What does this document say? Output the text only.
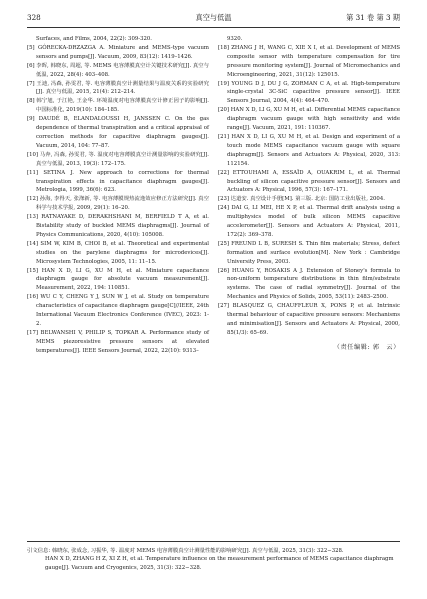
328	真空与低温	第 31 卷 第 3 期

Surfaces, and Films, 2004, 22(2): 309-320.

[5] GÓRECKA-DRZAZGA A. Miniature and MEMS-type vacuum sensors and pumps[J]. Vacuum, 2009, 83(12): 1419–1426.

[6] 李晖, 韩晓东, 周超, 等. MEMS 电容薄膜真空计关键技术研究[J]. 真空与低温, 2022, 28(4): 403–408.

[7] 王迪, 冯森, 孙雯君, 等. 电容薄膜真空计测量结果与温度关系的实验研究[J]. 真空与低温, 2015, 21(4): 212–214.

[8] 韩宁旭, 于江艳, 王金华. 环境温度对电容薄膜真空计修正因子的影响[J]. 中国标准化, 2019(10): 184–185.

[9] DAUDÉ B, ELANDALOUSSI H, JANSSEN C. On the gas dependence of thermal transpiration and a critical appraisal of correction methods for capacitive diaphragm gauges[J]. Vacuum, 2014, 104: 77–87.

[10] 马奔, 冯森, 孙雯君, 等. 温度对电容薄膜真空计测量影响的实验研究[J]. 真空与低温, 2013, 19(3): 172–175.

[11] SETINA J. New approach to corrections for thermal transpiration effects in capacitance diaphragm gauges[J]. Metrologia, 1999, 36(6): 623.

[12] 孙海, 李得天, 张涤新, 等. 电容薄膜规热流逸效应修正方法研究[J]. 真空科学与技术学报, 2009, 29(1): 16–20.

[13] RATNAYAKE D, DERAKHSHANI M, BERFIELD T A, et al. Bistability study of buckled MEMS diaphragms[J]. Journal of Physics Communications, 2020, 4(10): 105008.

[14] SIM W, KIM B, CHOI B, et al. Theoretical and experimental studies on the parylene diaphragms for microdevices[J]. Microsystem Technologies, 2005, 11: 11–15.

[15] HAN X D, LI G, XU M H, et al. Miniature capacitance diaphragm gauge for absolute vacuum measurement[J]. Measurement, 2022, 194: 110851.

[16] WU C Y, CHENG Y J, SUN W J, et al. Study on temperature characteristics of capacitance diaphragm gauge[C]//IEEE, 24th International Vacuum Electronics Conference (IVEC), 2023: 1-2.

[17] BELWANSHI V, PHILIP S, TOPKAR A. Performance study of MEMS piezoresistive pressure sensors at elevated temperatures[J]. IEEE Sensors Journal, 2022, 22(10): 9313–

9320.

[18] ZHANG J H, WANG C, XIE X I, et al. Development of MEMS composite sensor with temperature compensation for tire pressure monitoring system[J]. Journal of Micromechanics and Microengineering, 2021, 31(12): 125015.

[19] YOUNG D J, DU J G, ZORMAN C A, et al. High-temperature single-crystal 3C-SiC capacitive pressure sensor[J]. IEEE Sensors Journal, 2004, 4(4): 464–470.

[20] HAN X D, LI G, XU M H, et al. Differential MEMS capacitance diaphragm vacuum gauge with high sensitivity and wide range[J]. Vacuum, 2021, 191: 110367.

[21] HAN X D, LI G, XU M H, et al. Design and experiment of a touch mode MEMS capacitance vacuum gauge with square diaphragm[J]. Sensors and Actuators A: Physical, 2020, 313: 112154.

[22] ETTOUHAMI A, ESSAÏD A, OUAKRIM L, et al. Thermal buckling of silicon capacitive pressure sensor[J]. Sensors and Actuators A: Physical, 1996, 57(3): 167–171.

[23] 达道安. 真空设计手册[M]. 第三版. 北京: 国防工业出版社, 2004.

[24] DAI G, LI MEI, HE X P, et al. Thermal drift analysis using a multiphysics model of bulk silicon MEMS capacitive accelerometer[J]. Sensors and Actuators A: Physical, 2011, 172(2): 369–378.

[25] FREUND L B, SURESH S. Thin film materials; Stress, defect formation and surface evolution[M]. New York : Cambridge University Press, 2003.

[26] HUANG Y, ROSAKIS A J. Extension of Stoney's formula to non-uniform temperature distributions in thin film/substrate systems. The case of radial symmetry[J]. Journal of the Mechanics and Physics of Solids, 2005, 53(11): 2483–2500.

[27] BLASQUEZ G, CHAUFFLEUR X, PONS P, et al. Intrinsic thermal behaviour of capacitive pressure sensors: Mechanisms and minimisation[J]. Sensors and Actuators A: Physical, 2000, 85(1/3): 65–69.

（责任编辑: 郭　云）

引文信息: 韩晓东, 张成念, 习振华, 等. 温度对 MEMS 电容薄膜真空计测量性能的影响研究[J]. 真空与低温, 2025, 31(3): 322−328.

HAN X D, ZHANG H Z, XI Z H, et al. Temperature influence on the measurement performance of MEMS capacitance diaphragm gauge[J]. Vacuum and Cryogenics, 2025, 31(3): 322−328.
